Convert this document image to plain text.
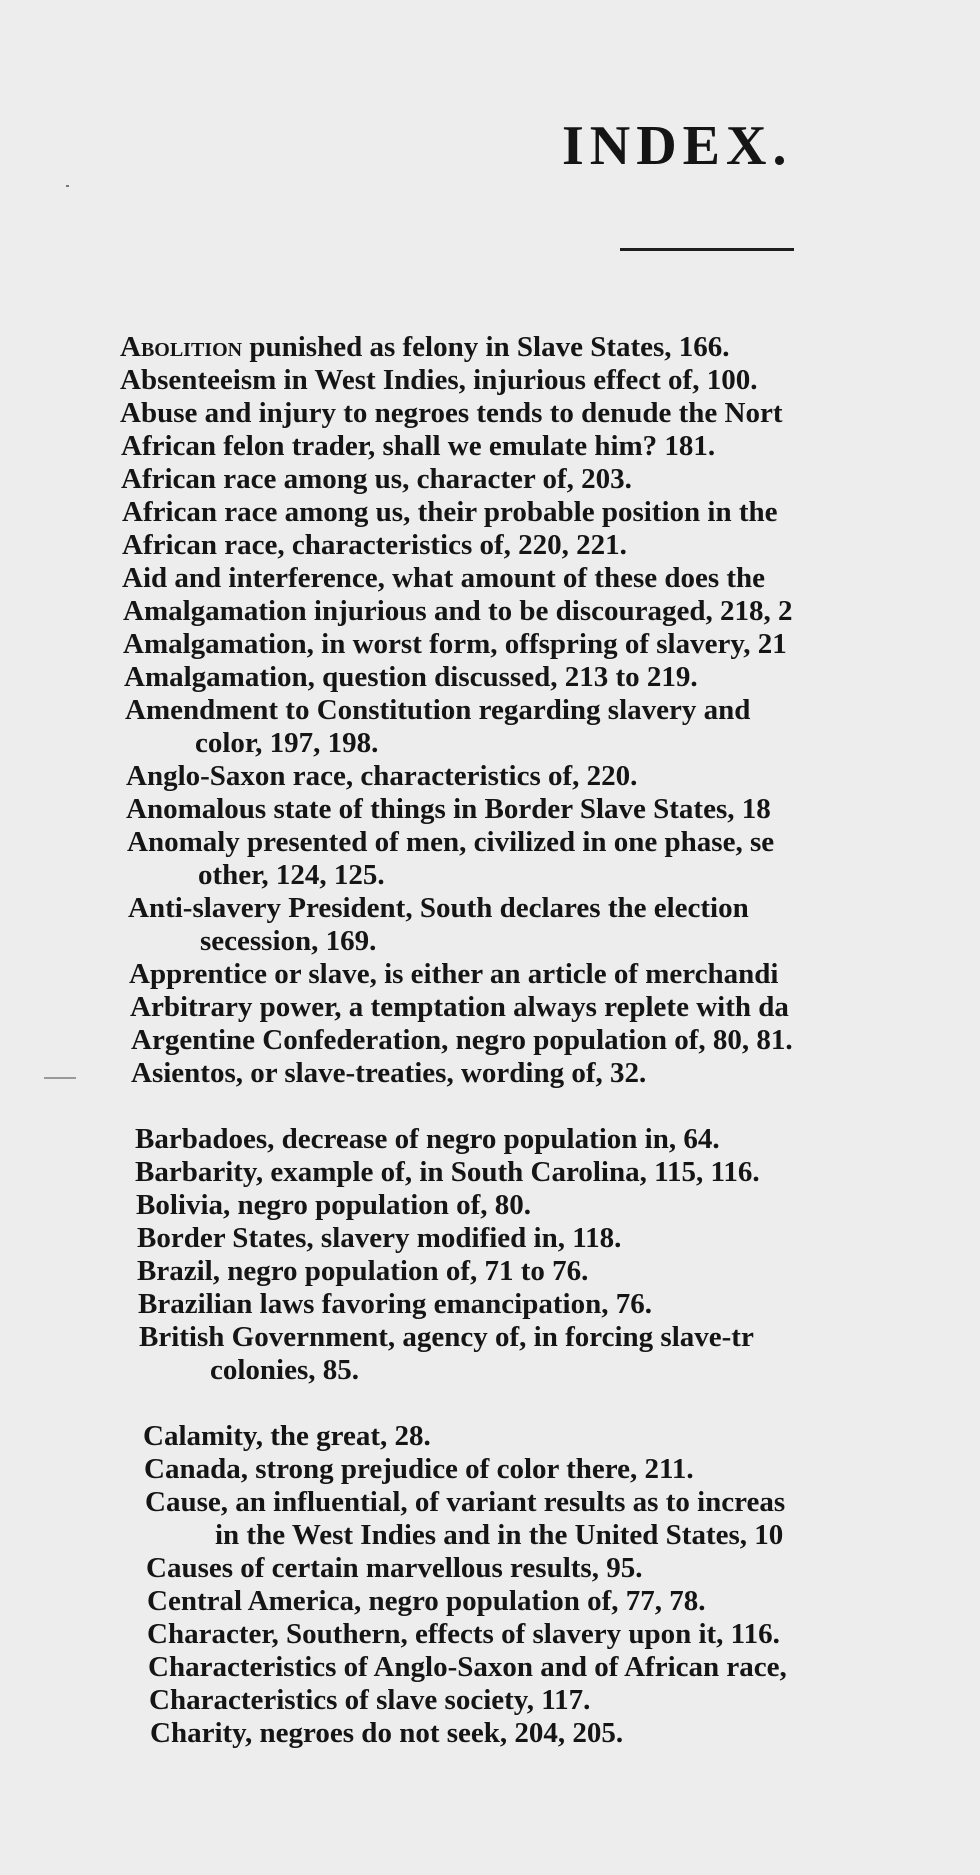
INDEX.

Abolition punished as felony in Slave States, 166.

Absenteeism in West Indies, injurious effect of, 100.

Abuse and injury to negroes tends to denude the Nort

African felon trader, shall we emulate him? 181.

African race among us, character of, 203.

African race among us, their probable position in the

African race, characteristics of, 220, 221.

Aid and interference, what amount of these does the

Amalgamation injurious and to be discouraged, 218, 2

Amalgamation, in worst form, offspring of slavery, 21

Amalgamation, question discussed, 213 to 219.

Amendment to Constitution regarding slavery and

color, 197, 198.

Anglo-Saxon race, characteristics of, 220.

Anomalous state of things in Border Slave States, 18

Anomaly presented of men, civilized in one phase, se

other, 124, 125.

Anti-slavery President, South declares the election

secession, 169.

Apprentice or slave, is either an article of merchandi

Arbitrary power, a temptation always replete with da

Argentine Confederation, negro population of, 80, 81.

Asientos, or slave-treaties, wording of, 32.

Barbadoes, decrease of negro population in, 64.

Barbarity, example of, in South Carolina, 115, 116.

Bolivia, negro population of, 80.

Border States, slavery modified in, 118.

Brazil, negro population of, 71 to 76.

Brazilian laws favoring emancipation, 76.

British Government, agency of, in forcing slave-tr

colonies, 85.

Calamity, the great, 28.

Canada, strong prejudice of color there, 211.

Cause, an influential, of variant results as to increas

in the West Indies and in the United States, 10

Causes of certain marvellous results, 95.

Central America, negro population of, 77, 78.

Character, Southern, effects of slavery upon it, 116.

Characteristics of Anglo-Saxon and of African race,

Characteristics of slave society, 117.

Charity, negroes do not seek, 204, 205.
